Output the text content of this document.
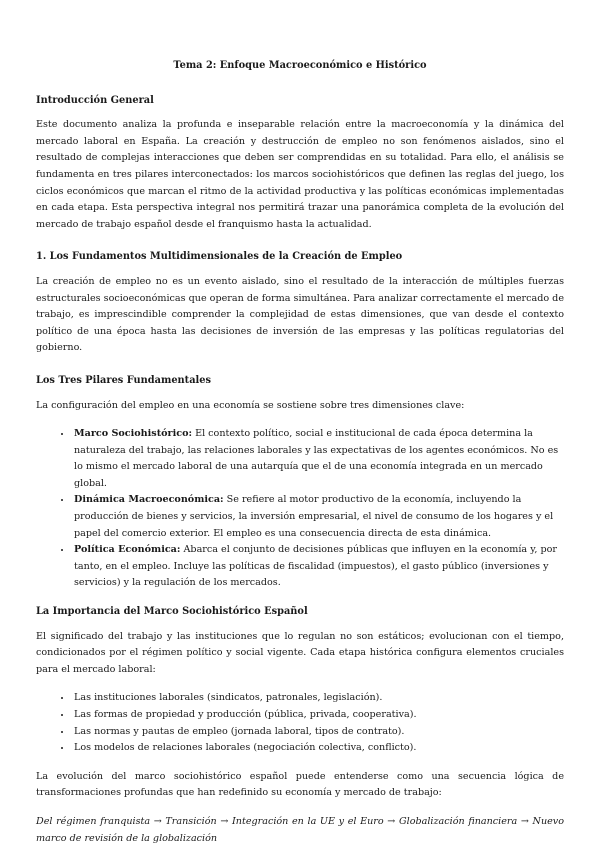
Tema 2: Enfoque Macroeconómico e Histórico
Introducción General

Este documento analiza la profunda e inseparable relación entre la macroeconomía y la dinámica del mercado laboral en España. La creación y destrucción de empleo no son fenómenos aislados, sino el resultado de complejas interacciones que deben ser comprendidas en su totalidad. Para ello, el análisis se fundamenta en tres pilares interconectados: los marcos sociohistóricos que definen las reglas del juego, los ciclos económicos que marcan el ritmo de la actividad productiva y las políticas económicas implementadas en cada etapa. Esta perspectiva integral nos permitirá trazar una panorámica completa de la evolución del mercado de trabajo español desde el franquismo hasta la actualidad.

1. Los Fundamentos Multidimensionales de la Creación de Empleo

La creación de empleo no es un evento aislado, sino el resultado de la interacción de múltiples fuerzas estructurales socioeconómicas que operan de forma simultánea. Para analizar correctamente el mercado de trabajo, es imprescindible comprender la complejidad de estas dimensiones, que van desde el contexto político de una época hasta las decisiones de inversión de las empresas y las políticas regulatorias del gobierno.

Los Tres Pilares Fundamentales

La configuración del empleo en una economía se sostiene sobre tres dimensiones clave:

• Marco Sociohistórico: El contexto político, social e institucional de cada época determina la naturaleza del trabajo, las relaciones laborales y las expectativas de los agentes económicos. No es lo mismo el mercado laboral de una autarquía que el de una economía integrada en un mercado global.
• Dinámica Macroeconómica: Se refiere al motor productivo de la economía, incluyendo la producción de bienes y servicios, la inversión empresarial, el nivel de consumo de los hogares y el papel del comercio exterior. El empleo es una consecuencia directa de esta dinámica.
• Política Económica: Abarca el conjunto de decisiones públicas que influyen en la economía y, por tanto, en el empleo. Incluye las políticas de fiscalidad (impuestos), el gasto público (inversiones y servicios) y la regulación de los mercados.
La Importancia del Marco Sociohistórico Español

El significado del trabajo y las instituciones que lo regulan no son estáticos; evolucionan con el tiempo, condicionados por el régimen político y social vigente. Cada etapa histórica configura elementos cruciales para el mercado laboral:

• Las instituciones laborales (sindicatos, patronales, legislación).
• Las formas de propiedad y producción (pública, privada, cooperativa).
• Las normas y pautas de empleo (jornada laboral, tipos de contrato).
• Los modelos de relaciones laborales (negociación colectiva, conflicto).

La evolución del marco sociohistórico español puede entenderse como una secuencia lógica de transformaciones profundas que han redefinido su economía y mercado de trabajo:

Del régimen franquista → Transición → Integración en la UE y el Euro → Globalización financiera → Nuevo marco de revisión de la globalización
